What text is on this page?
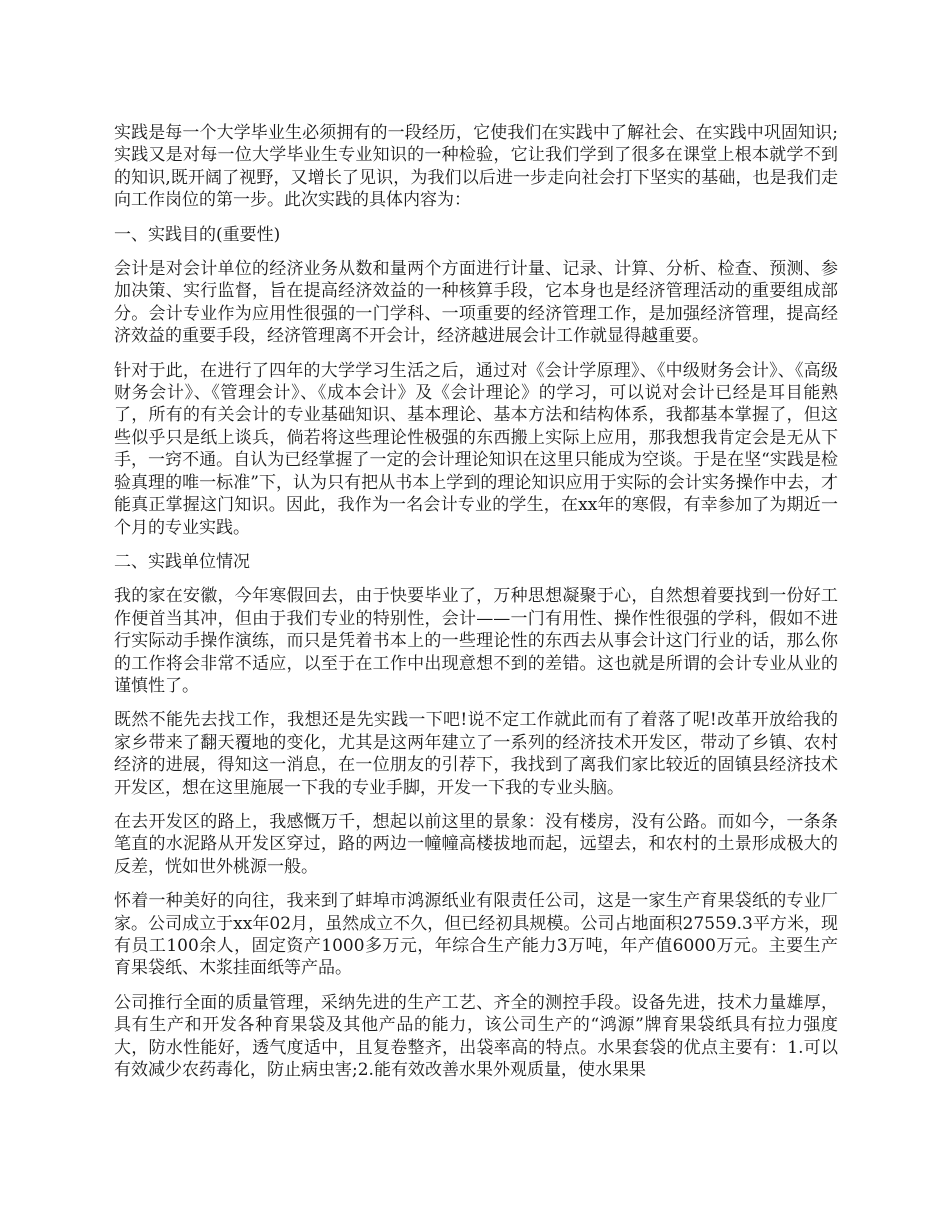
实践是每一个大学毕业生必须拥有的一段经历，它使我们在实践中了解社会、在实践中巩固知识;实践又是对每一位大学毕业生专业知识的一种检验，它让我们学到了很多在课堂上根本就学不到的知识,既开阔了视野，又增长了见识，为我们以后进一步走向社会打下坚实的基础，也是我们走向工作岗位的第一步。此次实践的具体内容为：

一、实践目的(重要性)

会计是对会计单位的经济业务从数和量两个方面进行计量、记录、计算、分析、检查、预测、参加决策、实行监督，旨在提高经济效益的一种核算手段，它本身也是经济管理活动的重要组成部分。会计专业作为应用性很强的一门学科、一项重要的经济管理工作，是加强经济管理，提高经济效益的重要手段，经济管理离不开会计，经济越进展会计工作就显得越重要。

针对于此，在进行了四年的大学学习生活之后，通过对《会计学原理》、《中级财务会计》、《高级财务会计》、《管理会计》、《成本会计》及《会计理论》的学习，可以说对会计已经是耳目能熟了，所有的有关会计的专业基础知识、基本理论、基本方法和结构体系，我都基本掌握了，但这些似乎只是纸上谈兵，倘若将这些理论性极强的东西搬上实际上应用，那我想我肯定会是无从下手，一窍不通。自认为已经掌握了一定的会计理论知识在这里只能成为空谈。于是在坚“实践是检验真理的唯一标准”下，认为只有把从书本上学到的理论知识应用于实际的会计实务操作中去，才能真正掌握这门知识。因此，我作为一名会计专业的学生，在xx年的寒假，有幸参加了为期近一个月的专业实践。

二、实践单位情况

我的家在安徽，今年寒假回去，由于快要毕业了，万种思想凝聚于心，自然想着要找到一份好工作便首当其冲，但由于我们专业的特别性，会计——一门有用性、操作性很强的学科，假如不进行实际动手操作演练，而只是凭着书本上的一些理论性的东西去从事会计这门行业的话，那么你的工作将会非常不适应，以至于在工作中出现意想不到的差错。这也就是所谓的会计专业从业的谨慎性了。

既然不能先去找工作，我想还是先实践一下吧!说不定工作就此而有了着落了呢!改革开放给我的家乡带来了翻天覆地的变化，尤其是这两年建立了一系列的经济技术开发区，带动了乡镇、农村经济的进展，得知这一消息，在一位朋友的引荐下，我找到了离我们家比较近的固镇县经济技术开发区，想在这里施展一下我的专业手脚，开发一下我的专业头脑。

在去开发区的路上，我感慨万千，想起以前这里的景象：没有楼房，没有公路。而如今，一条条笔直的水泥路从开发区穿过，路的两边一幢幢高楼拔地而起，远望去，和农村的土景形成极大的反差，恍如世外桃源一般。

怀着一种美好的向往，我来到了蚌埠市鸿源纸业有限责任公司，这是一家生产育果袋纸的专业厂家。公司成立于xx年02月，虽然成立不久，但已经初具规模。公司占地面积27559.3平方米，现有员工100余人，固定资产1000多万元，年综合生产能力3万吨，年产值6000万元。主要生产育果袋纸、木浆挂面纸等产品。

公司推行全面的质量管理，采纳先进的生产工艺、齐全的测控手段。设备先进，技术力量雄厚，具有生产和开发各种育果袋及其他产品的能力，该公司生产的“鸿源”牌育果袋纸具有拉力强度大，防水性能好，透气度适中，且复卷整齐，出袋率高的特点。水果套袋的优点主要有：1.可以有效减少农药毒化，防止病虫害;2.能有效改善水果外观质量，使水果果
